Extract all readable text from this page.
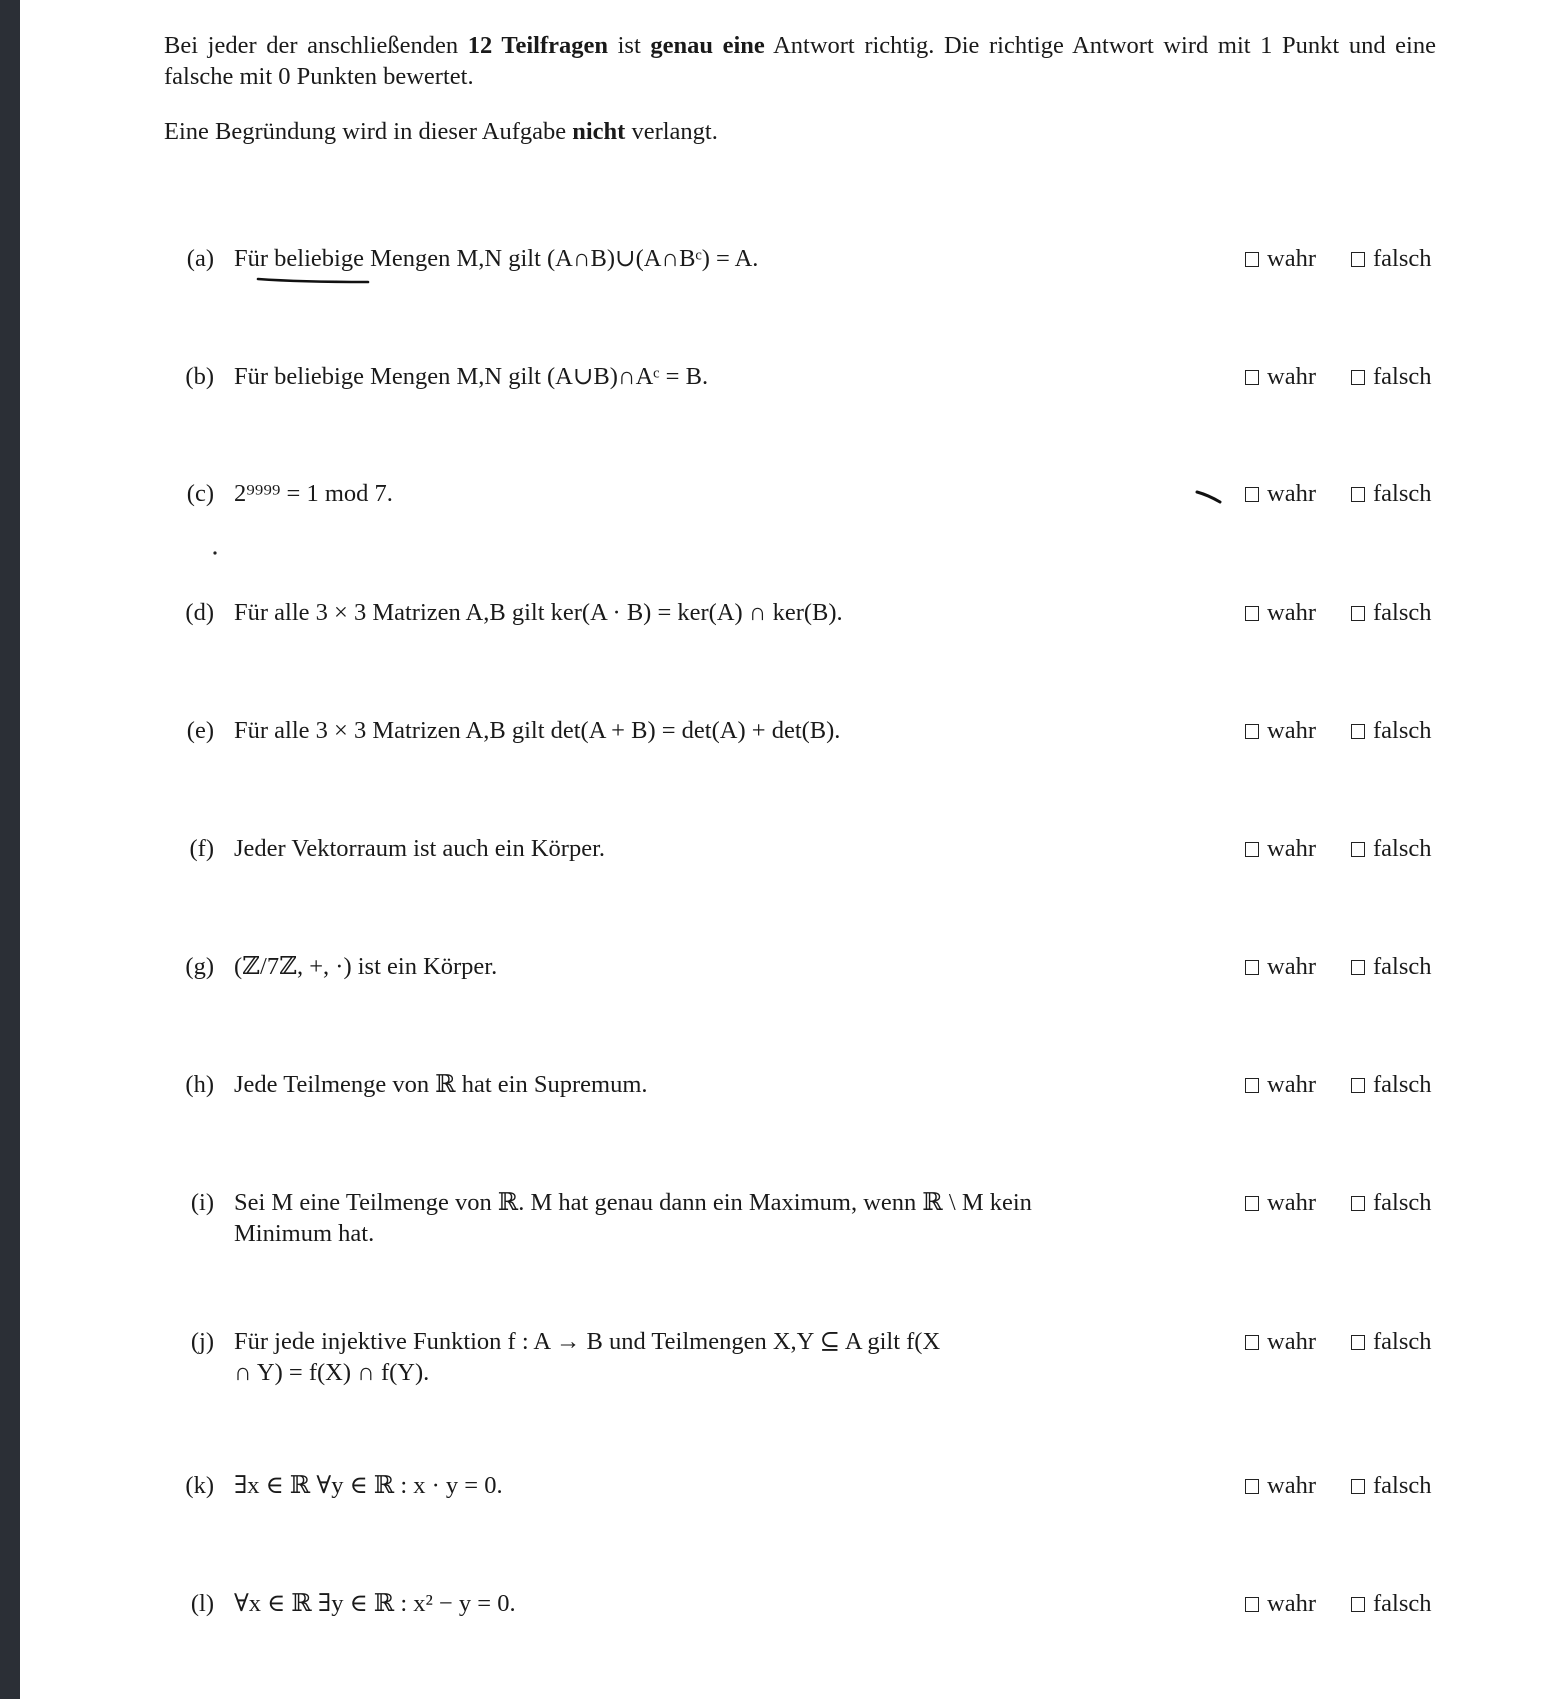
Bei jeder der anschließenden 12 Teilfragen ist genau eine Antwort richtig. Die richtige Antwort wird mit 1 Punkt und eine falsche mit 0 Punkten bewertet.

Eine Begründung wird in dieser Aufgabe nicht verlangt.

(a) Für beliebige Mengen M,N gilt (A∩B)∪(A∩Bᶜ) = A.	wahr falsch
(b) Für beliebige Mengen M,N gilt (A∪B)∩Aᶜ = B.	wahr falsch
(c) 2⁹⁹⁹⁹ = 1 mod 7.	wahr falsch
(d) Für alle 3 × 3 Matrizen A,B gilt ker(A · B) = ker(A) ∩ ker(B).	wahr falsch
(e) Für alle 3 × 3 Matrizen A,B gilt det(A + B) = det(A) + det(B).	wahr falsch
(f) Jeder Vektorraum ist auch ein Körper.	wahr falsch
(g) (ℤ/7ℤ, +, ·) ist ein Körper.	wahr falsch
(h) Jede Teilmenge von ℝ hat ein Supremum.	wahr falsch
(i) Sei M eine Teilmenge von ℝ. M hat genau dann ein Maximum, wenn ℝ \ M kein Minimum hat.
wahr falsch
(j) Für jede injektive Funktion f : A → B und Teilmengen X,Y ⊆ A gilt f(X ∩ Y) = f(X) ∩ f(Y).
wahr falsch
(k) ∃x ∈ ℝ ∀y ∈ ℝ : x · y = 0.	wahr falsch
(l) ∀x ∈ ℝ ∃y ∈ ℝ : x² − y = 0.	wahr falsch
